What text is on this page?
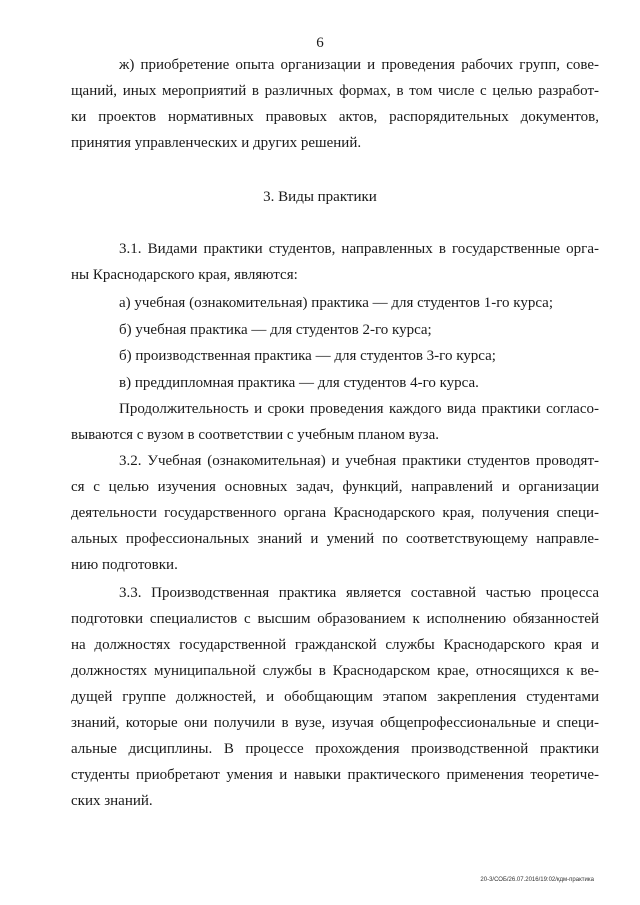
6
ж) приобретение опыта организации и проведения рабочих групп, сове-
щаний, иных мероприятий в различных формах, в том числе с целью разработ-
ки проектов нормативных правовых актов, распорядительных документов,
принятия управленческих и других решений.
3. Виды практики
3.1. Видами практики студентов, направленных в государственные орга-
ны Краснодарского края, являются:
а) учебная (ознакомительная) практика — для студентов 1-го курса;
б) учебная практика — для студентов 2-го курса;
б) производственная практика — для студентов 3-го курса;
в) преддипломная практика — для студентов 4-го курса.
Продолжительность и сроки проведения каждого вида практики согласо-
вываются с вузом в соответствии с учебным планом вуза.
3.2. Учебная (ознакомительная) и учебная практики студентов проводят-
ся с целью изучения основных задач, функций, направлений и организации
деятельности государственного органа Краснодарского края, получения специ-
альных профессиональных знаний и умений по соответствующему направле-
нию подготовки.
3.3. Производственная практика является составной частью процесса
подготовки специалистов с высшим образованием к исполнению обязанностей
на должностях государственной гражданской службы Краснодарского края и
должностях муниципальной службы в Краснодарском крае, относящихся к ве-
дущей группе должностей, и обобщающим этапом закрепления студентами
знаний, которые они получили в вузе, изучая общепрофессиональные и специ-
альные дисциплины. В процессе прохождения производственной практики
студенты приобретают умения и навыки практического применения теоретиче-
ских знаний.
20-3/СОБ/26.07.2016/19:02/кдм-практика
